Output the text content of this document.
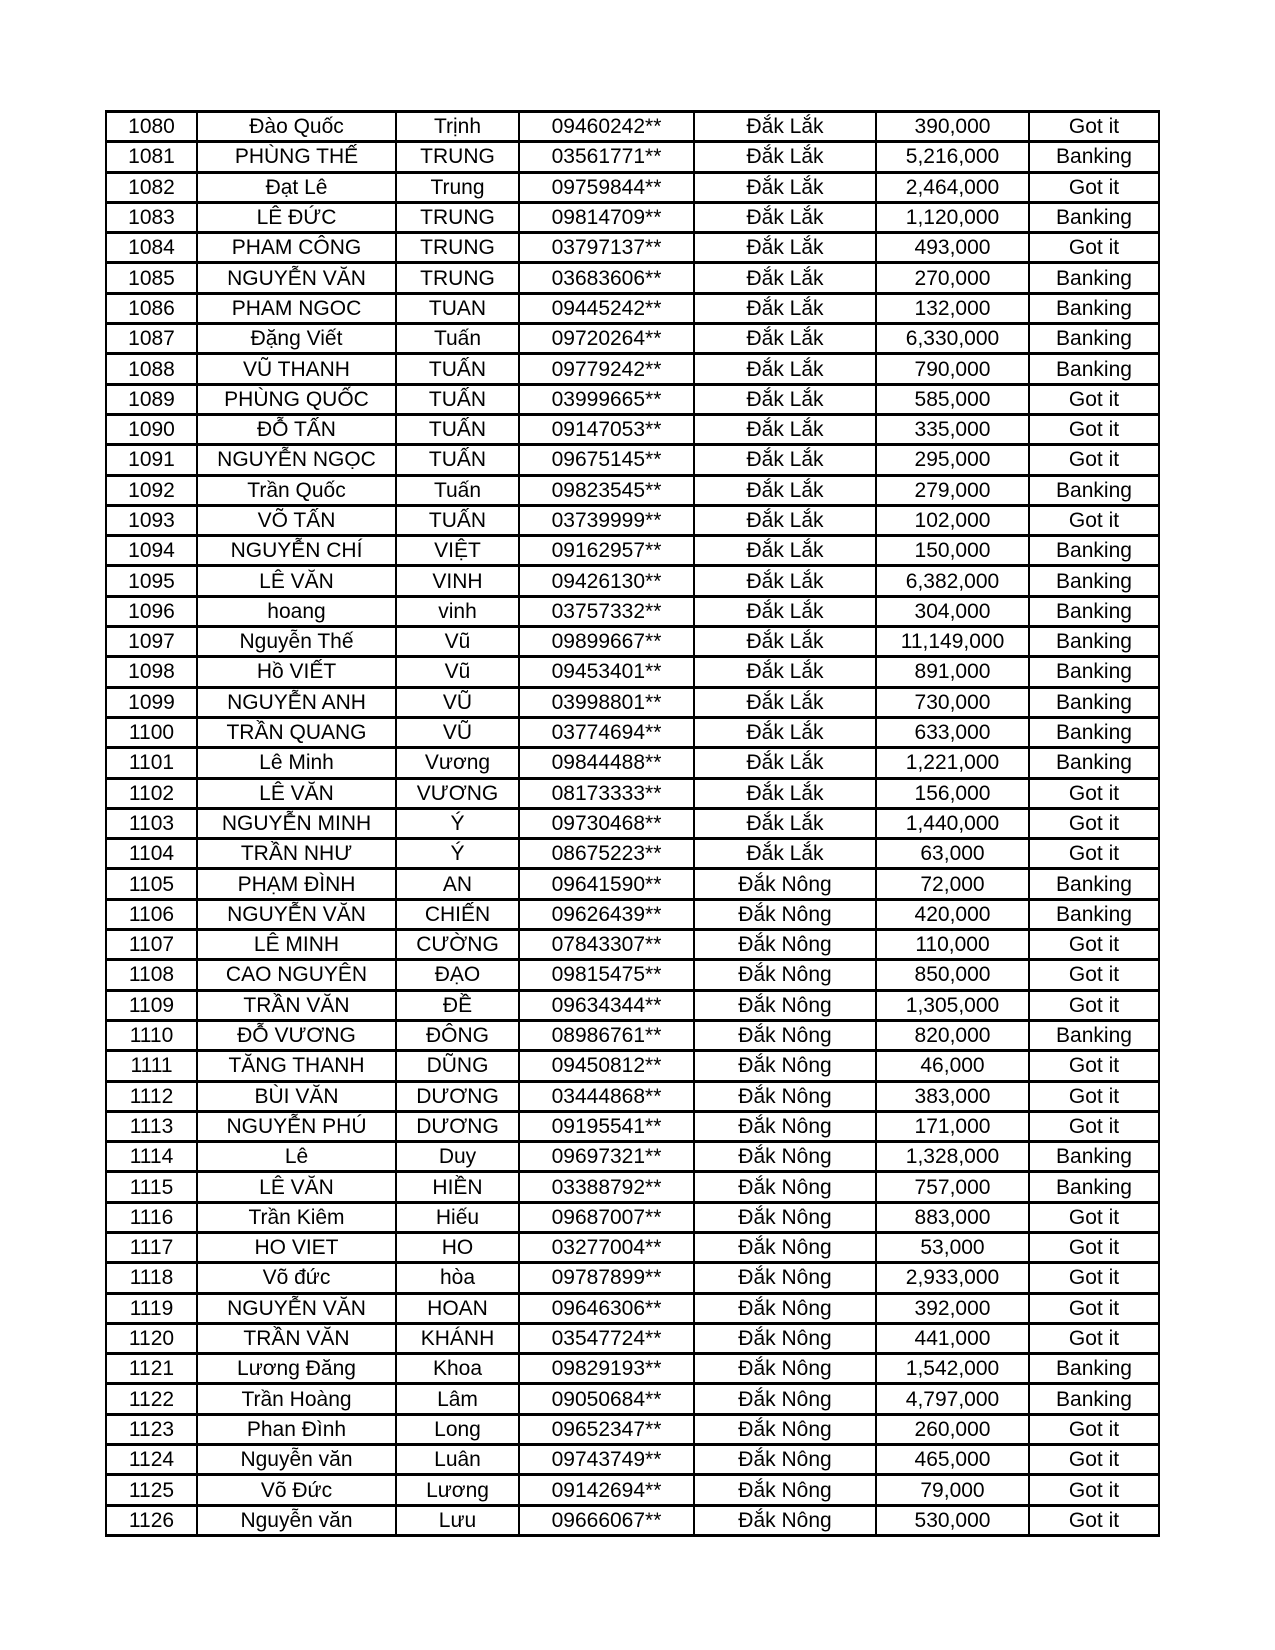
1080	Đào Quốc	Trịnh	09460242**	Đắk Lắk	390,000	Got it
1081	PHÙNG THẾ	TRUNG	03561771**	Đắk Lắk	5,216,000	Banking
1082	Đạt Lê	Trung	09759844**	Đắk Lắk	2,464,000	Got it
1083	LÊ ĐỨC	TRUNG	09814709**	Đắk Lắk	1,120,000	Banking
1084	PHAM CÔNG	TRUNG	03797137**	Đắk Lắk	493,000	Got it
1085	NGUYỄN VĂN	TRUNG	03683606**	Đắk Lắk	270,000	Banking
1086	PHAM NGOC	TUAN	09445242**	Đắk Lắk	132,000	Banking
1087	Đặng Viết	Tuấn	09720264**	Đắk Lắk	6,330,000	Banking
1088	VŨ THANH	TUẤN	09779242**	Đắk Lắk	790,000	Banking
1089	PHÙNG QUỐC	TUẤN	03999665**	Đắk Lắk	585,000	Got it
1090	ĐỖ TẤN	TUẤN	09147053**	Đắk Lắk	335,000	Got it
1091	NGUYỄN NGỌC	TUẤN	09675145**	Đắk Lắk	295,000	Got it
1092	Trần Quốc	Tuấn	09823545**	Đắk Lắk	279,000	Banking
1093	VÕ TẤN	TUẤN	03739999**	Đắk Lắk	102,000	Got it
1094	NGUYỄN CHÍ	VIỆT	09162957**	Đắk Lắk	150,000	Banking
1095	LÊ VĂN	VINH	09426130**	Đắk Lắk	6,382,000	Banking
1096	hoang	vinh	03757332**	Đắk Lắk	304,000	Banking
1097	Nguyễn Thế	Vũ	09899667**	Đắk Lắk	11,149,000	Banking
1098	Hồ VIẾT	Vũ	09453401**	Đắk Lắk	891,000	Banking
1099	NGUYỄN ANH	VŨ	03998801**	Đắk Lắk	730,000	Banking
1100	TRẦN QUANG	VŨ	03774694**	Đắk Lắk	633,000	Banking
1101	Lê Minh	Vương	09844488**	Đắk Lắk	1,221,000	Banking
1102	LÊ VĂN	VƯƠNG	08173333**	Đắk Lắk	156,000	Got it
1103	NGUYỄN MINH	Ý	09730468**	Đắk Lắk	1,440,000	Got it
1104	TRẦN NHƯ	Ý	08675223**	Đắk Lắk	63,000	Got it
1105	PHẠM ĐÌNH	AN	09641590**	Đắk Nông	72,000	Banking
1106	NGUYỄN VĂN	CHIẾN	09626439**	Đắk Nông	420,000	Banking
1107	LÊ MINH	CƯỜNG	07843307**	Đắk Nông	110,000	Got it
1108	CAO NGUYÊN	ĐẠO	09815475**	Đắk Nông	850,000	Got it
1109	TRẦN VĂN	ĐỀ	09634344**	Đắk Nông	1,305,000	Got it
1110	ĐỖ VƯƠNG	ĐÔNG	08986761**	Đắk Nông	820,000	Banking
1111	TĂNG THANH	DŨNG	09450812**	Đắk Nông	46,000	Got it
1112	BÙI VĂN	DƯƠNG	03444868**	Đắk Nông	383,000	Got it
1113	NGUYỄN PHÚ	DƯƠNG	09195541**	Đắk Nông	171,000	Got it
1114	Lê	Duy	09697321**	Đắk Nông	1,328,000	Banking
1115	LÊ VĂN	HIỀN	03388792**	Đắk Nông	757,000	Banking
1116	Trần Kiêm	Hiếu	09687007**	Đắk Nông	883,000	Got it
1117	HO VIET	HO	03277004**	Đắk Nông	53,000	Got it
1118	Võ đức	hòa	09787899**	Đắk Nông	2,933,000	Got it
1119	NGUYỄN VĂN	HOAN	09646306**	Đắk Nông	392,000	Got it
1120	TRẦN VĂN	KHÁNH	03547724**	Đắk Nông	441,000	Got it
1121	Lương Đăng	Khoa	09829193**	Đắk Nông	1,542,000	Banking
1122	Trần Hoàng	Lâm	09050684**	Đắk Nông	4,797,000	Banking
1123	Phan Đình	Long	09652347**	Đắk Nông	260,000	Got it
1124	Nguyễn văn	Luân	09743749**	Đắk Nông	465,000	Got it
1125	Võ Đức	Lương	09142694**	Đắk Nông	79,000	Got it
1126	Nguyễn văn	Lưu	09666067**	Đắk Nông	530,000	Got it
